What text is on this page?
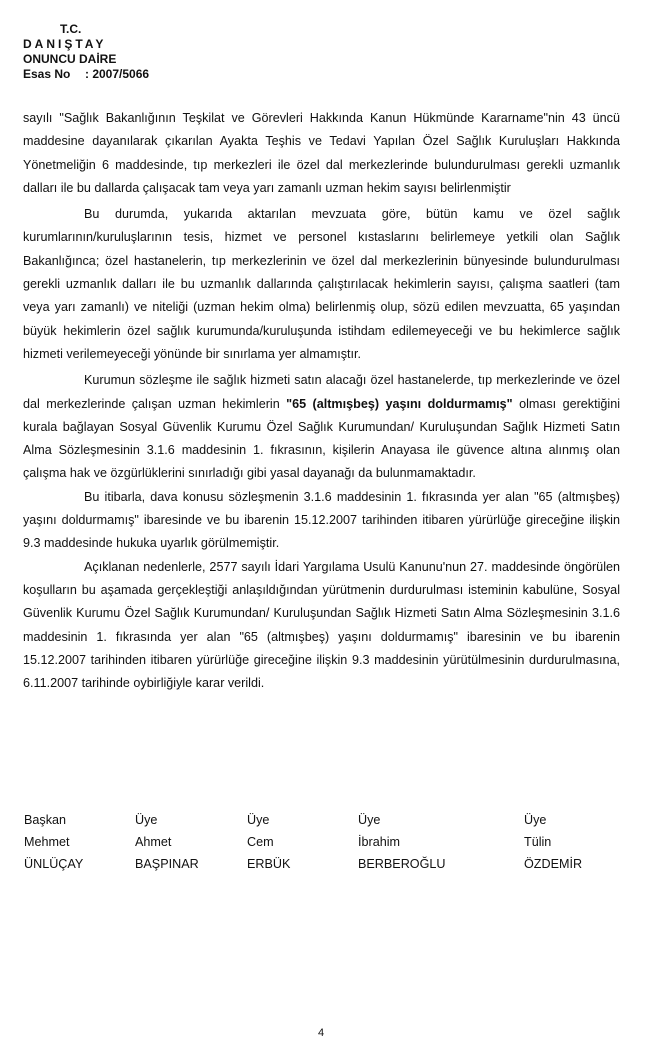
T.C.
DANIŞTAY
ONUNCU DAİRE
Esas No : 2007/5066

sayılı "Sağlık Bakanlığının Teşkilat ve Görevleri Hakkında Kanun Hükmünde Kararname"nin 43 üncü maddesine dayanılarak çıkarılan Ayakta Teşhis ve Tedavi Yapılan Özel Sağlık Kuruluşları Hakkında Yönetmeliğin 6 maddesinde, tıp merkezleri ile özel dal merkezlerinde bulundurulması gerekli uzmanlık dalları ile bu dallarda çalışacak tam veya yarı zamanlı uzman hekim sayısı belirlenmiştir

Bu durumda, yukarıda aktarılan mevzuata göre, bütün kamu ve özel sağlık kurumlarının/kuruluşlarının tesis, hizmet ve personel kıstaslarını belirlemeye yetkili olan Sağlık Bakanlığınca; özel hastanelerin, tıp merkezlerinin ve özel dal merkezlerinin bünyesinde bulundurulması gerekli uzmanlık dalları ile bu uzmanlık dallarında çalıştırılacak hekimlerin sayısı, çalışma saatleri (tam veya yarı zamanlı) ve niteliği (uzman hekim olma) belirlenmiş olup, sözü edilen mevzuatta, 65 yaşından büyük hekimlerin özel sağlık kurumunda/kuruluşunda istihdam edilemeyeceği ve bu hekimlerce sağlık hizmeti verilemeyeceği yönünde bir sınırlama yer almamıştır.

Kurumun sözleşme ile sağlık hizmeti satın alacağı özel hastanelerde, tıp merkezlerinde ve özel dal merkezlerinde çalışan uzman hekimlerin "65 (altmışbeş) yaşını doldurmamış" olması gerektiğini kurala bağlayan Sosyal Güvenlik Kurumu Özel Sağlık Kurumundan/ Kuruluşundan Sağlık Hizmeti Satın Alma Sözleşmesinin 3.1.6 maddesinin 1. fıkrasının, kişilerin Anayasa ile güvence altına alınmış olan çalışma hak ve özgürlüklerini sınırladığı gibi yasal dayanağı da bulunmamaktadır.

Bu itibarla, dava konusu sözleşmenin 3.1.6 maddesinin 1. fıkrasında yer alan "65 (altmışbeş) yaşını doldurmamış" ibaresinde ve bu ibarenin 15.12.2007 tarihinden itibaren yürürlüğe gireceğine ilişkin 9.3 maddesinde hukuka uyarlık görülmemiştir.

Açıklanan nedenlerle, 2577 sayılı İdari Yargılama Usulü Kanunu'nun 27. maddesinde öngörülen koşulların bu aşamada gerçekleştiği anlaşıldığından yürütmenin durdurulması isteminin kabulüne, Sosyal Güvenlik Kurumu Özel Sağlık Kurumundan/ Kuruluşundan Sağlık Hizmeti Satın Alma Sözleşmesinin 3.1.6 maddesinin 1. fıkrasında yer alan "65 (altmışbeş) yaşını doldurmamış" ibaresinin ve bu ibarenin 15.12.2007 tarihinden itibaren yürürlüğe gireceğine ilişkin 9.3 maddesinin yürütülmesinin durdurulmasına, 6.11.2007 tarihinde oybirliğiyle karar verildi.

Başkan	Üye	Üye	Üye	Üye
Mehmet	Ahmet	Cem	İbrahim	Tülin
ÜNLÜÇAY	BAŞPINAR	ERBÜK	BERBEROĞLU	ÖZDEMİR
4
